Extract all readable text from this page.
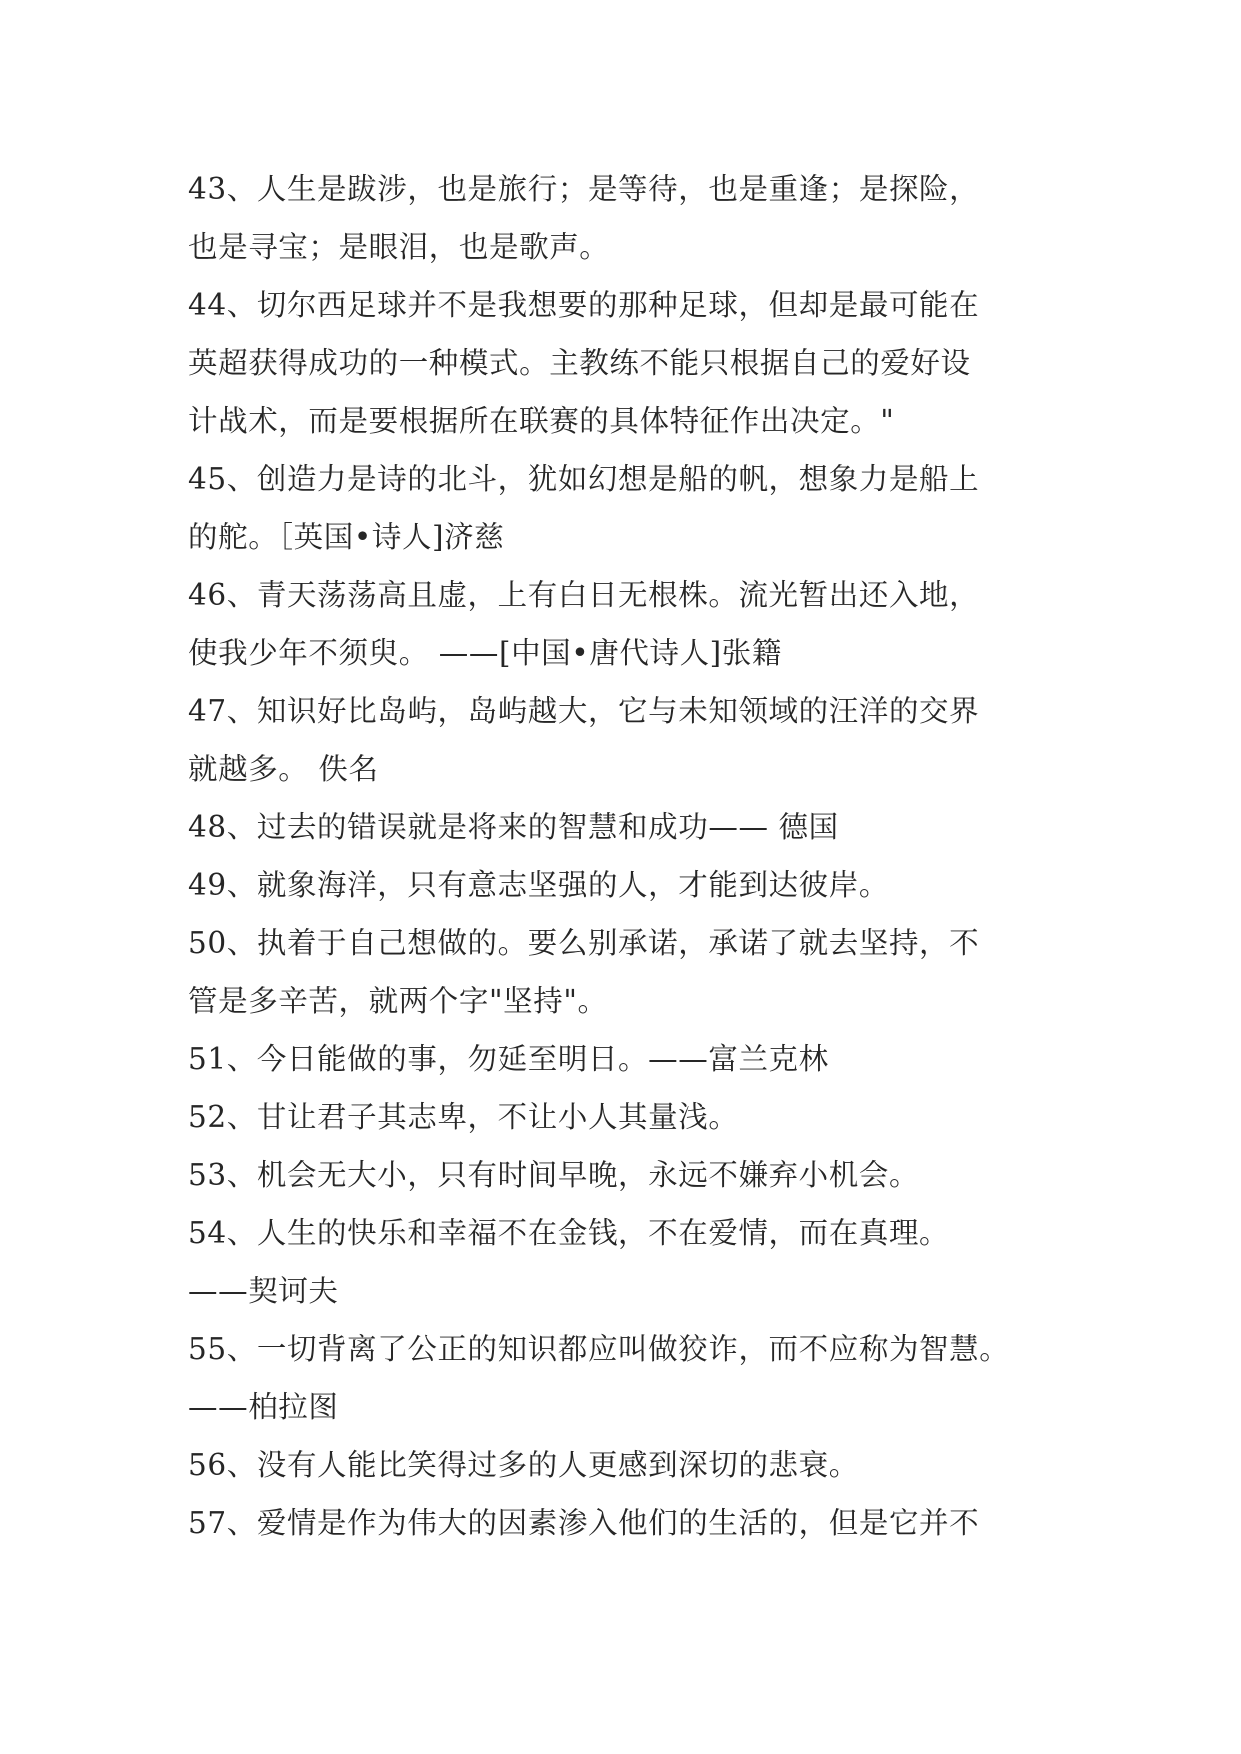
43、人生是跋涉，也是旅行；是等待，也是重逢；是探险，
也是寻宝；是眼泪，也是歌声。
44、切尔西足球并不是我想要的那种足球，但却是最可能在
英超获得成功的一种模式。主教练不能只根据自己的爱好设
计战术，而是要根据所在联赛的具体特征作出决定。"
45、创造力是诗的北斗，犹如幻想是船的帆，想象力是船上
的舵。［英国•诗人]济慈
46、青天荡荡高且虚，上有白日无根株。流光暂出还入地，
使我少年不须臾。 ——[中国•唐代诗人]张籍
47、知识好比岛屿，岛屿越大，它与未知领域的汪洋的交界
就越多。 佚名
48、过去的错误就是将来的智慧和成功—— 德国
49、就象海洋，只有意志坚强的人，才能到达彼岸。
50、执着于自己想做的。要么别承诺，承诺了就去坚持，不
管是多辛苦，就两个字"坚持"。
51、今日能做的事，勿延至明日。——富兰克林
52、甘让君子其志卑，不让小人其量浅。
53、机会无大小，只有时间早晚，永远不嫌弃小机会。
54、人生的快乐和幸福不在金钱，不在爱情，而在真理。
——契诃夫
55、一切背离了公正的知识都应叫做狡诈，而不应称为智慧。
——柏拉图
56、没有人能比笑得过多的人更感到深切的悲衰。
57、爱情是作为伟大的因素渗入他们的生活的，但是它并不
